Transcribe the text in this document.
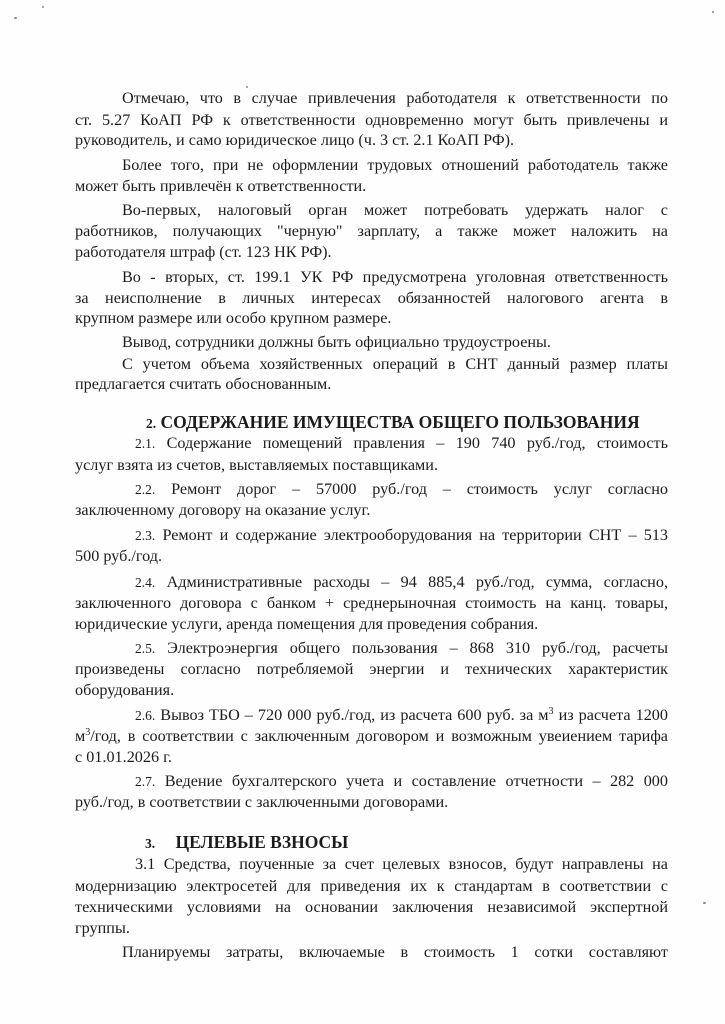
Отмечаю, что в случае привлечения работодателя к ответственности по
ст. 5.27 КоАП РФ к ответственности одновременно могут быть привлечены и
руководитель, и само юридическое лицо (ч. 3 ст. 2.1 КоАП РФ).
Более того, при не оформлении трудовых отношений работодатель также
может быть привлечён к ответственности.
Во-первых, налоговый орган может потребовать удержать налог с
работников, получающих "черную" зарплату, а также может наложить на
работодателя штраф (ст. 123 НК РФ).
Во - вторых, ст. 199.1 УК РФ предусмотрена уголовная ответственность
за неисполнение в личных интересах обязанностей налогового агента в
крупном размере или особо крупном размере.
Вывод, сотрудники должны быть официально трудоустроены.
С учетом объема хозяйственных операций в СНТ данный размер платы
предлагается считать обоснованным.
2. СОДЕРЖАНИЕ ИМУЩЕСТВА ОБЩЕГО ПОЛЬЗОВАНИЯ
2.1. Содержание помещений правления – 190 740 руб./год, стоимость
услуг взята из счетов, выставляемых поставщиками.
2.2. Ремонт дорог – 57000 руб./год – стоимость услуг согласно
заключенному договору на оказание услуг.
2.3. Ремонт и содержание электрооборудования на территории СНТ – 513
500 руб./год.
2.4. Административные расходы – 94 885,4 руб./год, сумма, согласно,
заключенного договора с банком + среднерыночная стоимость на канц. товары,
юридические услуги, аренда помещения для проведения собрания.
2.5. Электроэнергия общего пользования – 868 310 руб./год, расчеты
произведены согласно потребляемой энергии и технических характеристик
оборудования.
2.6. Вывоз ТБО – 720 000 руб./год, из расчета 600 руб. за $м^3$ из расчета 1200
$м^3$/год, в соответствии с заключенным договором и возможным увеиением тарифа
с 01.01.2026 г.
2.7. Ведение бухгалтерского учета и составление отчетности – 282 000
руб./год, в соответствии с заключенными договорами.
3. ЦЕЛЕВЫЕ ВЗНОСЫ
3.1 Средства, поученные за счет целевых взносов, будут направлены на
модернизацию электросетей для приведения их к стандартам в соответствии с
техническими условиями на основании заключения независимой экспертной
группы.
Планируемы затраты, включаемые в стоимость 1 сотки составляют
